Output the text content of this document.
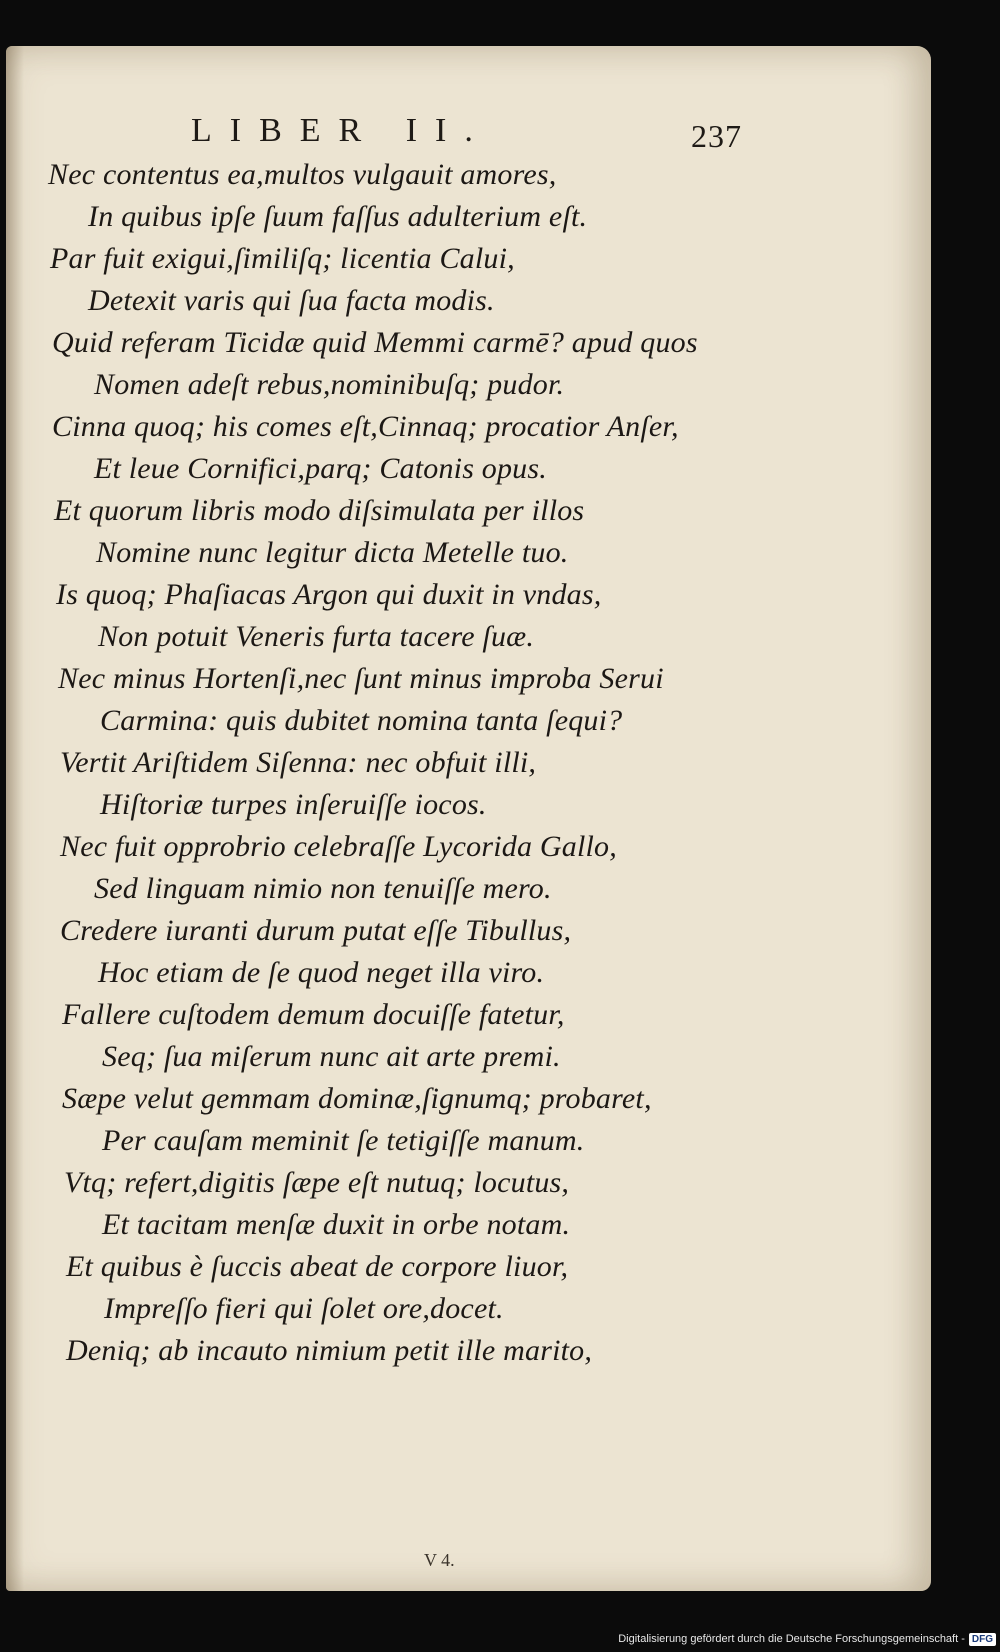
LIBER II.	237
Nec contentus ea,multos vulgauit amores,
In quibus ipſe ſuum faſſus adulterium eſt.
Par fuit exigui,ſimiliſq; licentia Calui,
Detexit varis qui ſua facta modis.
Quid referam Ticidæ quid Memmi carmē? apud quos
Nomen adeſt rebus,nominibuſq; pudor.
Cinna quoq; his comes eſt,Cinnaq; procatior Anſer,
Et leue Cornifici,parq; Catonis opus.
Et quorum libris modo diſsimulata per illos
Nomine nunc legitur dicta Metelle tuo.
Is quoq; Phaſiacas Argon qui duxit in vndas,
Non potuit Veneris furta tacere ſuæ.
Nec minus Hortenſi,nec ſunt minus improba Serui
Carmina: quis dubitet nomina tanta ſequi?
Vertit Ariſtidem Siſenna: nec obfuit illi,
Hiſtoriæ turpes inſeruiſſe iocos.
Nec fuit opprobrio celebraſſe Lycorida Gallo,
Sed linguam nimio non tenuiſſe mero.
Credere iuranti durum putat eſſe Tibullus,
Hoc etiam de ſe quod neget illa viro.
Fallere cuſtodem demum docuiſſe fatetur,
Seq; ſua miſerum nunc ait arte premi.
Sæpe velut gemmam dominæ,ſignumq; probaret,
Per cauſam meminit ſe tetigiſſe manum.
Vtq; refert,digitis ſæpe eſt nutuq; locutus,
Et tacitam menſæ duxit in orbe notam.
Et quibus è ſuccis abeat de corpore liuor,
Impreſſo fieri qui ſolet ore,docet.
Deniq; ab incauto nimium petit ille marito,
V 4.
Digitalisierung gefördert durch die Deutsche Forschungsgemeinschaft - DFG
